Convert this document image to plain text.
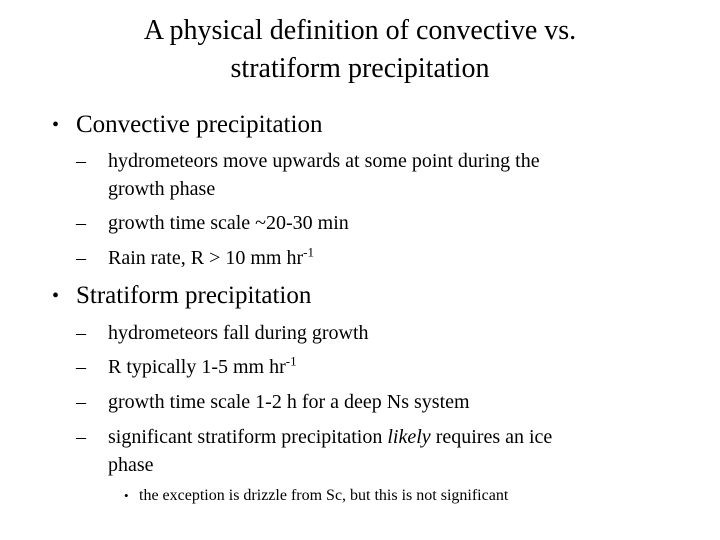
A physical definition of convective vs.
stratiform precipitation
• Convective precipitation
– hydrometeors move upwards at some point during the
growth phase
– growth time scale ~20-30 min
– Rain rate, R > 10 mm $hr^{-1}$
• Stratiform precipitation
– hydrometeors fall during growth
– R typically 1-5 mm $hr^{-1}$
– growth time scale 1-2 h for a deep Ns system
– significant stratiform precipitation likely requires an ice
phase
• the exception is drizzle from Sc, but this is not significant
